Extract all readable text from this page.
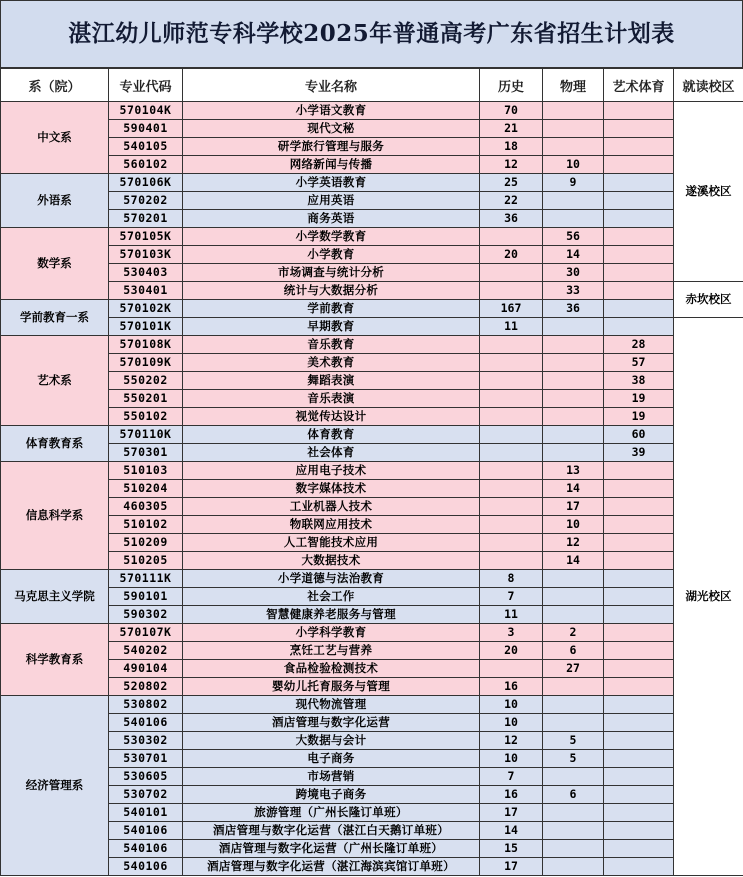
湛江幼儿师范专科学校2025年普通高考广东省招生计划表
系（院）	专业代码	专业名称	历史	物理	艺术体育	就读校区
中文系	570104K	小学语文教育	70			遂溪校区
	590401	现代文秘	21			
	540105	研学旅行管理与服务	18			
	560102	网络新闻与传播	12	10		
外语系	570106K	小学英语教育	25	9		
	570202	应用英语	22			
	570201	商务英语	36			
数学系	570105K	小学数学教育		56		
	570103K	小学教育	20	14		
	530403	市场调查与统计分析		30		
	530401	统计与大数据分析		33		赤坎校区
学前教育一系	570102K	学前教育	167	36		
	570101K	早期教育	11			湖光校区
艺术系	570108K	音乐教育			28	
	570109K	美术教育			57	
	550202	舞蹈表演			38	
	550201	音乐表演			19	
	550102	视觉传达设计			19	
体育教育系	570110K	体育教育			60	
	570301	社会体育			39	
信息科学系	510103	应用电子技术		13		
	510204	数字媒体技术		14		
	460305	工业机器人技术		17		
	510102	物联网应用技术		10		
	510209	人工智能技术应用		12		
	510205	大数据技术		14		
马克思主义学院	570111K	小学道德与法治教育	8			
	590101	社会工作	7			
	590302	智慧健康养老服务与管理	11			
科学教育系	570107K	小学科学教育	3	2		
	540202	烹饪工艺与营养	20	6		
	490104	食品检验检测技术		27		
	520802	婴幼儿托育服务与管理	16			
经济管理系	530802	现代物流管理	10			
	540106	酒店管理与数字化运营	10			
	530302	大数据与会计	12	5		
	530701	电子商务	10	5		
	530605	市场营销	7			
	530702	跨境电子商务	16	6		
	540101	旅游管理（广州长隆订单班）	17			
	540106	酒店管理与数字化运营（湛江白天鹅订单班）	14			
	540106	酒店管理与数字化运营（广州长隆订单班）	15			
	540106	酒店管理与数字化运营（湛江海滨宾馆订单班）	17			
